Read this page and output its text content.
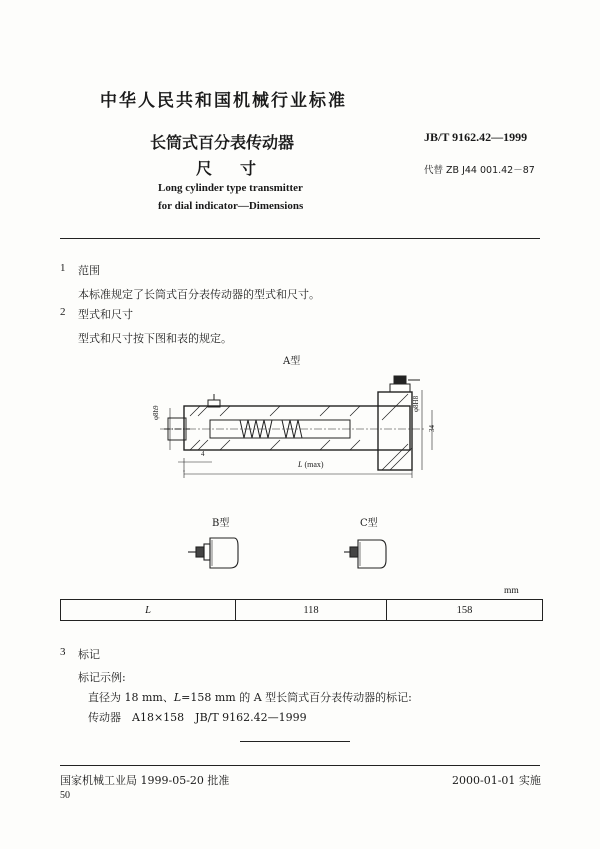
中华人民共和国机械行业标准
长筒式百分表传动器
尺寸
Long cylinder type transmitter
for dial indicator—Dimensions
JB/T 9162.42—1999
代替 ZB J44 001.42－87
1 范围
本标准规定了长筒式百分表传动器的型式和尺寸。
2 型式和尺寸
型式和尺寸按下图和表的规定。
A型
φ8h9
φ8H8
34
4
L (max)
B型	C型
mm
L	118	158
3 标记
标记示例:
直径为 18 mm、L=158 mm 的 A 型长筒式百分表传动器的标记:
传动器　A18×158　JB/T 9162.42—1999
国家机械工业局 1999-05-20 批准	2000-01-01 实施
50
